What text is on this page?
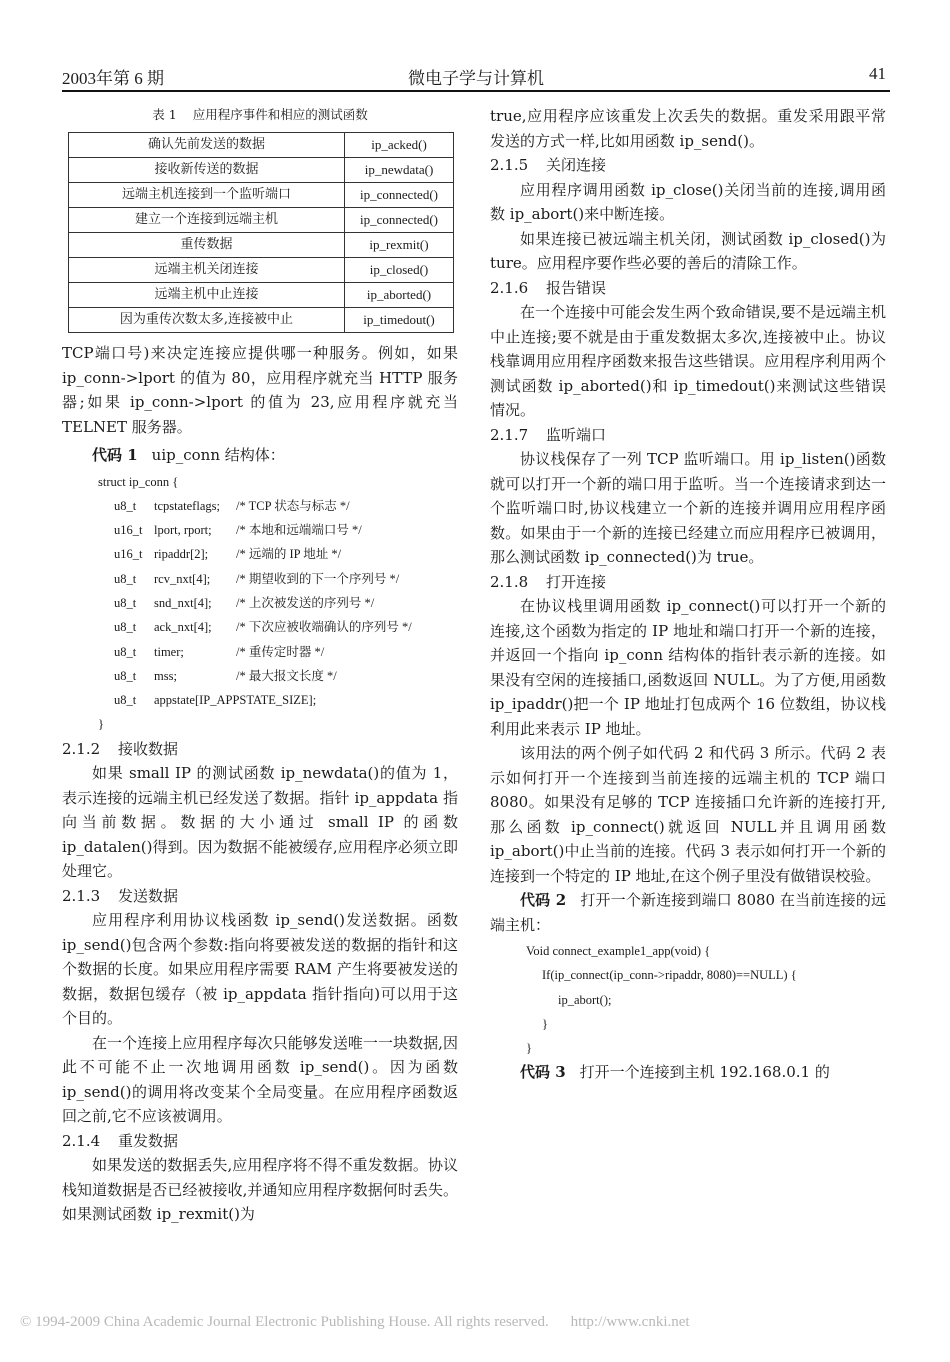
2003年第 6 期	微电子学与计算机	41
表 1 应用程序事件和相应的测试函数
确认先前发送的数据	ip_acked()
接收新传送的数据	ip_newdata()
远端主机连接到一个监听端口	ip_connected()
建立一个连接到远端主机	ip_connected()
重传数据	ip_rexmit()
远端主机关闭连接	ip_closed()
远端主机中止连接	ip_aborted()
因为重传次数太多,连接被中止	ip_timedout()

TCP端口号)来决定连接应提供哪一种服务。例如，如果 ip_conn->lport 的值为 80，应用程序就充当 HTTP 服务器;如果 ip_conn->lport 的值为 23,应用程序就充当 TELNET 服务器。

代码 1 uip_conn 结构体：

struct ip_conn {
u8_t tcpstateflags; /* TCP 状态与标志 */
u16_t lport, rport; /* 本地和远端端口号 */
u16_t ripaddr[2]; /* 远端的 IP 地址 */
u8_t rcv_nxt[4]; /* 期望收到的下一个序列号 */
u8_t snd_nxt[4]; /* 上次被发送的序列号 */
u8_t ack_nxt[4]; /* 下次应被收端确认的序列号 */
u8_t timer;	/* 重传定时器 */
u8_t mss;	/* 最大报文长度 */
u8_t appstate[IP_APPSTATE_SIZE];
}

2.1.2 接收数据

如果 small IP 的测试函数 ip_newdata()的值为 1，表示连接的远端主机已经发送了数据。指针 ip_appdata 指向当前数据。数据的大小通过 small IP 的函数 ip_datalen()得到。因为数据不能被缓存,应用程序必须立即处理它。

2.1.3 发送数据

应用程序利用协议栈函数 ip_send()发送数据。函数 ip_send()包含两个参数:指向将要被发送的数据的指针和这个数据的长度。如果应用程序需要 RAM 产生将要被发送的数据，数据包缓存（被 ip_appdata 指针指向)可以用于这个目的。

在一个连接上应用程序每次只能够发送唯一一块数据,因此不可能不止一次地调用函数 ip_send()。因为函数 ip_send()的调用将改变某个全局变量。在应用程序函数返回之前,它不应该被调用。

2.1.4 重发数据

如果发送的数据丢失,应用程序将不得不重发数据。协议栈知道数据是否已经被接收,并通知应用程序数据何时丢失。如果测试函数 ip_rexmit()为

true,应用程序应该重发上次丢失的数据。重发采用跟平常发送的方式一样,比如用函数 ip_send()。

2.1.5 关闭连接

应用程序调用函数 ip_close()关闭当前的连接,调用函数 ip_abort()来中断连接。

如果连接已被远端主机关闭，测试函数 ip_closed()为 ture。应用程序要作些必要的善后的清除工作。

2.1.6 报告错误

在一个连接中可能会发生两个致命错误,要不是远端主机中止连接;要不就是由于重发数据太多次,连接被中止。协议栈靠调用应用程序函数来报告这些错误。应用程序利用两个测试函数 ip_aborted()和 ip_timedout()来测试这些错误情况。

2.1.7 监听端口

协议栈保存了一列 TCP 监听端口。用 ip_listen()函数就可以打开一个新的端口用于监听。当一个连接请求到达一个监听端口时,协议栈建立一个新的连接并调用应用程序函数。如果由于一个新的连接已经建立而应用程序已被调用，那么测试函数 ip_connected()为 true。

2.1.8 打开连接

在协议栈里调用函数 ip_connect()可以打开一个新的连接,这个函数为指定的 IP 地址和端口打开一个新的连接，并返回一个指向 ip_conn 结构体的指针表示新的连接。如果没有空闲的连接插口,函数返回 NULL。为了方便,用函数 ip_ipaddr()把一个 IP 地址打包成两个 16 位数组，协议栈利用此来表示 IP 地址。

该用法的两个例子如代码 2 和代码 3 所示。代码 2 表示如何打开一个连接到当前连接的远端主机的 TCP 端口 8080。如果没有足够的 TCP 连接插口允许新的连接打开,那么函数 ip_connect()就返回 NULL并且调用函数 ip_abort()中止当前的连接。代码 3 表示如何打开一个新的连接到一个特定的 IP 地址,在这个例子里没有做错误校验。

代码 2 打开一个新连接到端口 8080 在当前连接的远端主机：

Void connect_example1_app(void) {
If(ip_connect(ip_conn->ripaddr, 8080)==NULL) {
ip_abort();
}
}

代码 3 打开一个连接到主机 192.168.0.1 的

© 1994-2009 China Academic Journal Electronic Publishing House. All rights reserved. http://www.cnki.net
